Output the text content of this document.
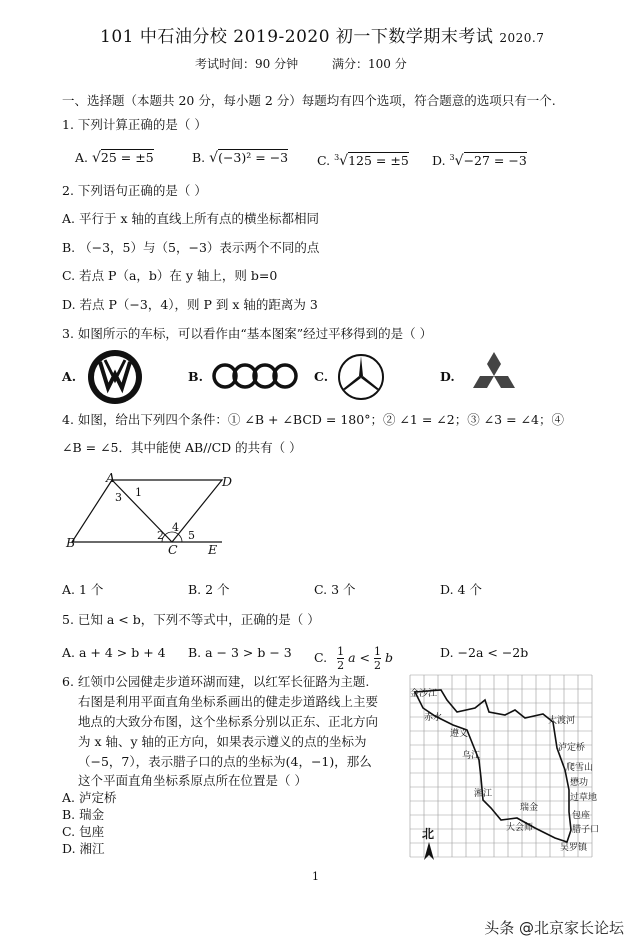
101 中石油分校 2019-2020 初一下数学期末考试 2020.7
考试时间：90 分钟	满分：100 分
一、选择题（本题共 20 分，每小题 2 分）每题均有四个选项，符合题意的选项只有一个.
1. 下列计算正确的是（ ）
A. √25 = ±5	B. √(−3)² = −3 C. $^3$√125 = ±5 D. $^3$√−27 = −3
2. 下列语句正确的是（ ）
A. 平行于 x 轴的直线上所有点的横坐标都相同
B. （−3，5）与（5，−3）表示两个不同的点
C. 若点 P（a，b）在 y 轴上，则 b=0
D. 若点 P（−3，4），则 P 到 x 轴的距离为 3
3. 如图所示的车标，可以看作由“基本图案”经过平移得到的是（ ）
A.	B.	C.	D.
4. 如图，给出下列四个条件：① ∠B + ∠BCD = 180°；② ∠1 = ∠2；③ ∠3 = ∠4；④
∠B = ∠5．其中能使 AB//CD 的共有（ ）
A	D
B	C E
1
3
2
4
5
A. 1 个	B. 2 个	C. 3 个	D. 4 个
5. 已知 a < b，下列不等式中，正确的是（ ）
A. a + 4 > b + 4 B. a − 3 > b − 3 C. $\frac{1}{2}$ $a < \frac{1}{2}$ b	D. −2a < −2b
6. 红领巾公园健走步道环湖而建，以红军长征路为主题.
右图是利用平面直角坐标系画出的健走步道路线上主要
地点的大致分布图，这个坐标系分别以正东、正北方向
为 x 轴、y 轴的正方向，如果表示遵义的点的坐标为
（−5，7），表示腊子口的点的坐标为(4，−1)，那么
这个平面直角坐标系原点所在位置是（ ）
A. 泸定桥
B. 瑞金
C. 包座
D. 湘江
金沙江
赤水
遵义
乌江
湘江
瑞金
大会师
大渡河
泸定桥
爬雪山
懋功
过草地
包座
腊子口
吴罗镇
北
1
头条 @北京家长论坛
